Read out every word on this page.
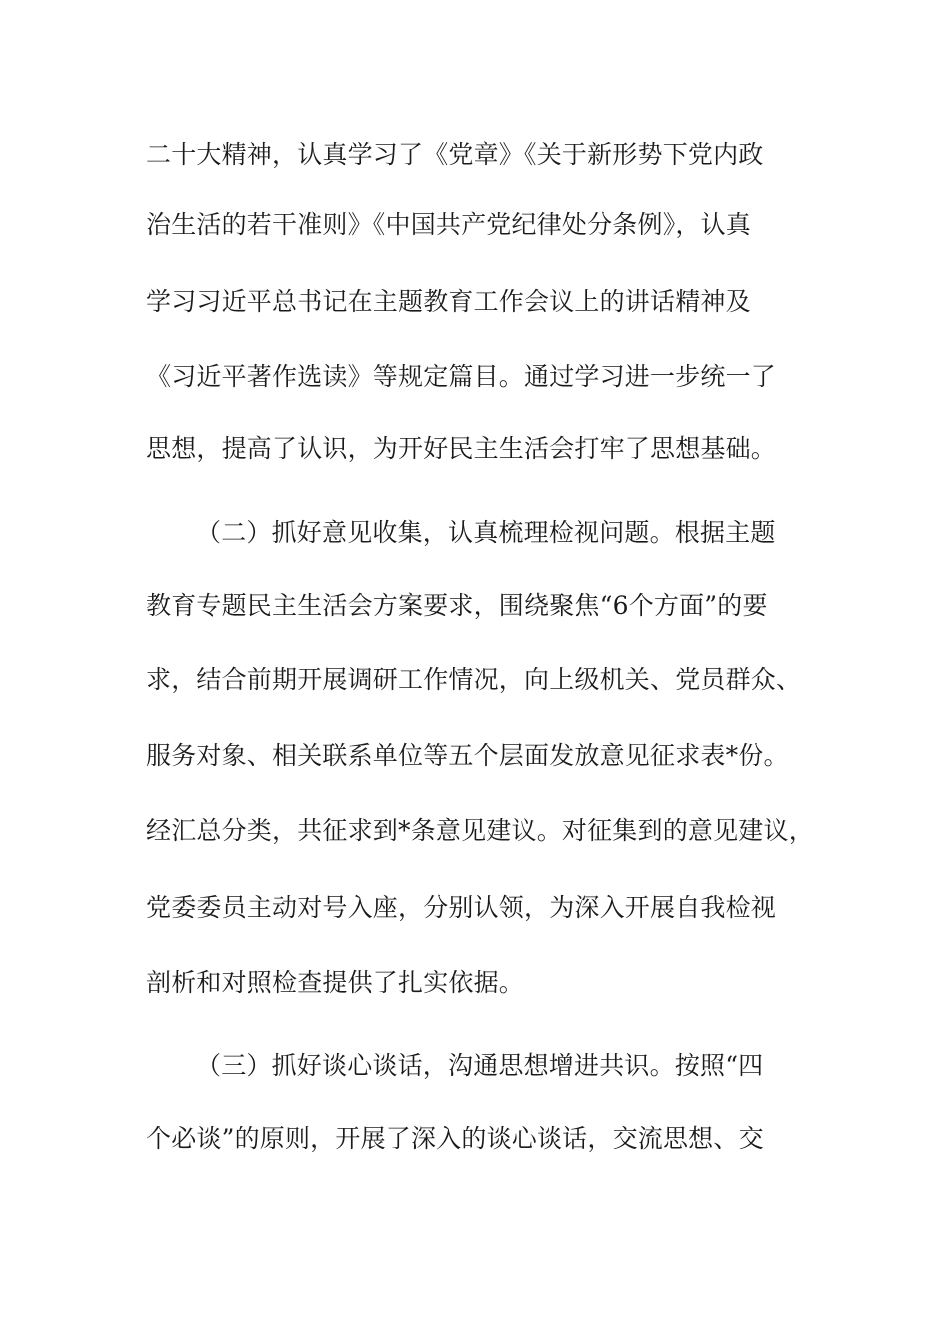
二十大精神，认真学习了《党章》《关于新形势下党内政
治生活的若干准则》《中国共产党纪律处分条例》，认真
学习习近平总书记在主题教育工作会议上的讲话精神及
《习近平著作选读》等规定篇目。通过学习进一步统一了
思想，提高了认识，为开好民主生活会打牢了思想基础。
（二）抓好意见收集，认真梳理检视问题。根据主题
教育专题民主生活会方案要求，围绕聚焦“6个方面”的要
求，结合前期开展调研工作情况，向上级机关、党员群众、
服务对象、相关联系单位等五个层面发放意见征求表*份。
经汇总分类，共征求到*条意见建议。对征集到的意见建议，
党委委员主动对号入座，分别认领，为深入开展自我检视
剖析和对照检查提供了扎实依据。
（三）抓好谈心谈话，沟通思想增进共识。按照“四
个必谈”的原则，开展了深入的谈心谈话，交流思想、交
